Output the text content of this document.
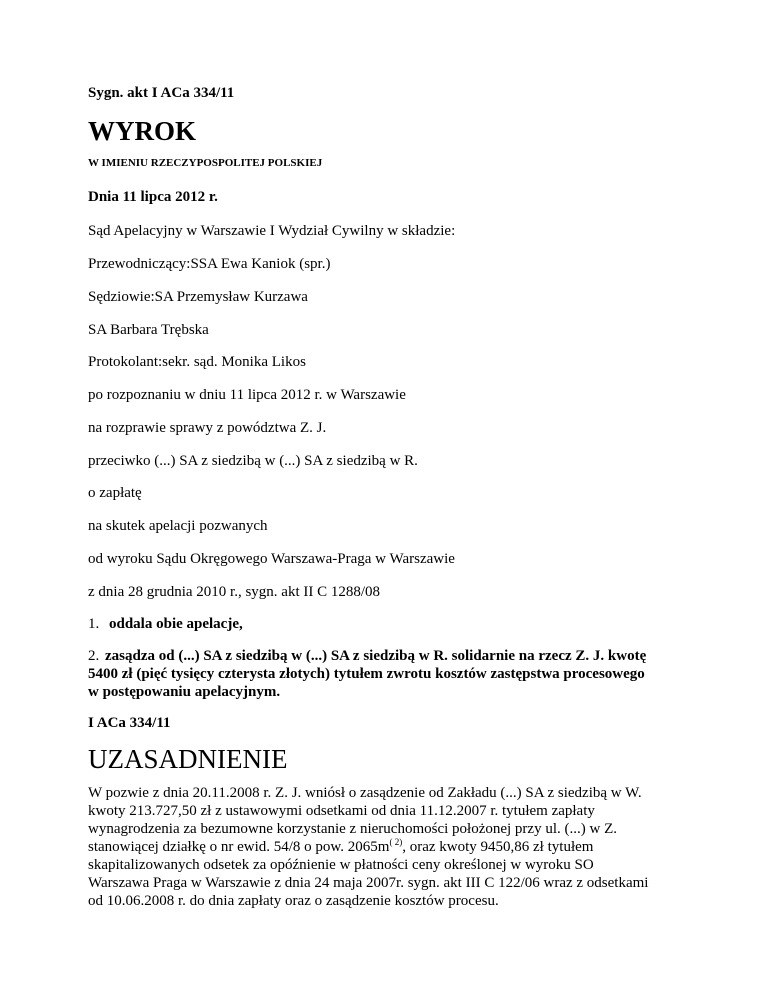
Sygn. akt I ACa 334/11
WYROK
W IMIENIU RZECZYPOSPOLITEJ POLSKIEJ
Dnia 11 lipca 2012 r.
Sąd Apelacyjny w Warszawie I Wydział Cywilny w składzie:
Przewodniczący:SSA Ewa Kaniok (spr.)
Sędziowie:SA Przemysław Kurzawa
SA Barbara Trębska
Protokolant:sekr. sąd. Monika Likos
po rozpoznaniu w dniu 11 lipca 2012 r. w Warszawie
na rozprawie sprawy z powództwa Z. J.
przeciwko (...) SA z siedzibą w (...) SA z siedzibą w R.
o zapłatę
na skutek apelacji pozwanych
od wyroku Sądu Okręgowego Warszawa-Praga w Warszawie
z dnia 28 grudnia 2010 r., sygn. akt II C 1288/08
1. oddala obie apelacje,
2. zasądza od (...) SA z siedzibą w (...) SA z siedzibą w R. solidarnie na rzecz Z. J. kwotę
5400 zł (pięć tysięcy czterysta złotych) tytułem zwrotu kosztów zastępstwa procesowego
w postępowaniu apelacyjnym.
I ACa 334/11
UZASADNIENIE
W pozwie z dnia 20.11.2008 r. Z. J. wniósł o zasądzenie od Zakładu (...) SA z siedzibą w W.
kwoty 213.727,50 zł z ustawowymi odsetkami od dnia 11.12.2007 r. tytułem zapłaty
wynagrodzenia za bezumowne korzystanie z nieruchomości położonej przy ul. (...) w Z.
stanowiącej działkę o nr ewid. 54/8 o pow. $2065m^{( 2)}$, oraz kwoty 9450,86 zł tytułem
skapitalizowanych odsetek za opóźnienie w płatności ceny określonej w wyroku SO
Warszawa Praga w Warszawie z dnia 24 maja 2007r. sygn. akt III C 122/06 wraz z odsetkami
od 10.06.2008 r. do dnia zapłaty oraz o zasądzenie kosztów procesu.
